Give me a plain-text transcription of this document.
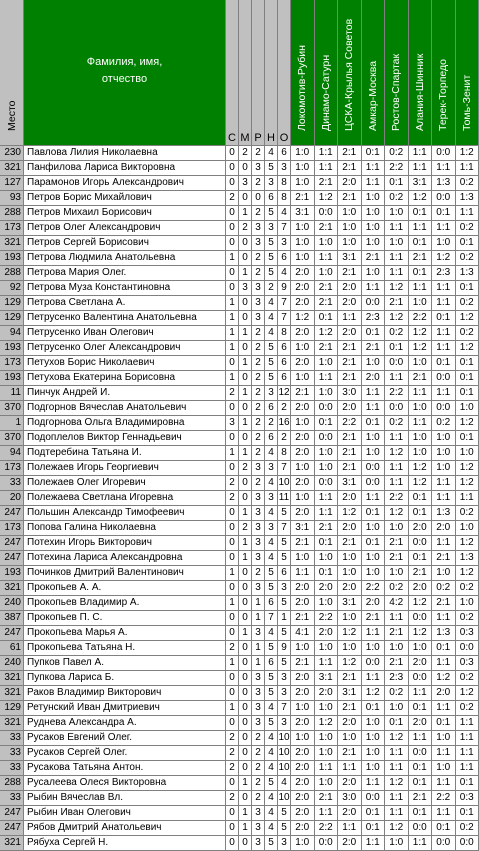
Место
Фамилия, имя,
отчество
С М Р Н О
Локомотив-Рубин Динамо-Сатурн ЦСКА-Крылья Советов Амкар-Москва Ростов-Спартак Алания-Шинник Терек-Торпедо Томь-Зенит
230 Павлова Лилия Николаевна	0 2 2 4 6 1:0 1:1 2:1 0:1 0:2 1:1 0:0 1:2
321 Панфилова Лариса Викторовна	0 0 3 5 3 1:0 1:1 2:1 1:1 2:2 1:1 1:1 1:1
127 Парамонов Игорь Александрович	0 3 2 3 8 1:0 2:1 2:0 1:1 0:1 3:1 1:3 0:2
93 Петров Борис Михайлович	2 0 0 6 8 2:1 1:2 2:1 1:0 0:2 1:2 0:0 1:3
288 Петров Михаил Борисович	0 1 2 5 4 3:1 0:0 1:0 1:0 1:0 0:1 0:1 1:1
173 Петров Олег Александрович	0 2 3 3 7 1:0 2:1 1:0 1:0 1:1 1:1 1:1 0:2
321 Петров Сергей Борисович	0 0 3 5 3 1:0 1:0 1:0 1:0 1:0 0:1 1:0 0:1
193 Петрова Людмила Анатольевна	1 0 2 5 6 1:0 1:1 3:1 2:1 1:1 2:1 1:2 0:2
288 Петрова Мария Олег.	0 1 2 5 4 2:0 1:0 2:1 1:0 1:1 0:1 2:3 1:3
92 Петрова Муза Константиновна	0 3 3 2 9 2:0 2:1 2:0 1:1 1:2 1:1 1:1 0:1
129 Петрова Светлана А.	1 0 3 4 7 2:0 2:1 2:0 0:0 2:1 1:0 1:1 0:2
129 Петрусенко Валентина Анатольевна	1 0 3 4 7 1:2 0:1 1:1 2:3 1:2 2:2 0:1 1:2
94 Петрусенко Иван Олегович	1 1 2 4 8 2:0 1:2 2:0 0:1 0:2 1:2 1:1 0:2
193 Петрусенко Олег Александрович	1 0 2 5 6 1:0 2:1 2:1 2:1 0:1 1:2 1:1 1:2
173 Петухов Борис Николаевич	0 1 2 5 6 2:0 1:0 2:1 1:0 0:0 1:0 0:1 0:1
193 Петухова Екатерина Борисовна	1 0 2 5 6 1:0 1:1 2:1 2:0 1:1 2:1 0:0 0:1
11 Пинчук Андрей И.	2 1 2 3 12 2:1 1:0 3:0 1:1 2:2 1:1 1:1 0:1
370 Подгорнов Вячеслав Анатольевич	0 0 2 6 2 2:0 0:0 2:0 1:1 0:0 1:0 0:0 1:0
1 Подгорнова Ольга Владимировна	3 1 2 2 16 1:0 0:1 2:2 0:1 0:2 1:1 0:2 1:2
370 Подоплелов Виктор Геннадьевич	0 0 2 6 2 2:0 0:0 2:1 1:0 1:1 1:0 1:0 0:1
94 Подтеребина Татьяна И.	1 1 2 4 8 2:0 1:0 2:1 1:0 1:2 1:0 1:0 1:0
173 Полежаев Игорь Георгиевич	0 2 3 3 7 1:0 1:0 2:1 0:0 1:1 1:2 1:0 1:2
33 Полежаев Олег Игоревич	2 0 2 4 10 2:0 0:0 3:1 0:0 1:1 1:2 1:1 1:2
20 Полежаева Светлана Игоревна	2 0 3 3 11 1:0 1:1 2:0 1:1 2:2 0:1 1:1 1:1
247 Польшин Александр Тимофеевич	0 1 3 4 5 2:0 1:1 1:2 0:1 1:2 0:1 1:3 0:2
173 Попова Галина Николаевна	0 2 3 3 7 3:1 2:1 2:0 1:0 1:0 2:0 2:0 1:0
247 Потехин Игорь Викторович	0 1 3 4 5 2:1 0:1 2:1 0:1 2:1 0:0 1:1 1:2
247 Потехина Лариса Александровна	0 1 3 4 5 1:0 1:0 1:0 1:0 2:1 0:1 2:1 1:3
193 Починков Дмитрий Валентинович	1 0 2 5 6 1:1 0:1 1:0 1:0 1:0 2:1 1:0 1:2
321 Прокопьев А. А.	0 0 3 5 3 2:0 2:0 2:0 2:2 0:2 2:0 0:2 0:2
240 Прокопьев Владимир А.	1 0 1 6 5 2:0 1:0 3:1 2:0 4:2 1:2 2:1 1:0
387 Прокопьев П. С.	0 0 1 7 1 2:1 2:2 1:0 2:1 1:1 0:0 1:1 0:2
247 Прокопьева Марья А.	0 1 3 4 5 4:1 2:0 1:2 1:1 2:1 1:2 1:3 0:3
61 Прокопьева Татьяна Н.	2 0 1 5 9 1:0 1:0 1:0 1:0 1:0 1:0 0:1 0:0
240 Пупков Павел А.	1 0 1 6 5 2:1 1:1 1:2 0:0 2:1 2:0 1:1 0:3
321 Пупкова Лариса Б.	0 0 3 5 3 2:0 3:1 2:1 1:1 2:3 0:0 1:2 0:2
321 Раков Владимир Викторович	0 0 3 5 3 2:0 2:0 3:1 1:2 0:2 1:1 2:0 1:2
129 Ретунский Иван Дмитриевич	1 0 3 4 7 1:0 1:0 2:1 0:1 1:0 0:1 1:1 0:2
321 Руднева Александра А.	0 0 3 5 3 2:0 1:2 2:0 1:0 0:1 2:0 0:1 1:1
33 Русаков Евгений Олег.	2 0 2 4 10 1:0 1:0 1:0 1:0 1:2 1:1 1:0 1:1
33 Русаков Сергей Олег.	2 0 2 4 10 2:0 1:0 2:1 1:0 1:1 0:0 1:1 1:1
33 Русакова Татьяна Антон.	2 0 2 4 10 2:0 1:1 1:1 1:0 1:1 0:1 1:0 1:1
288 Русалеева Олеся Викторовна	0 1 2 5 4 2:0 1:0 2:0 1:1 1:2 0:1 1:1 0:1
33 Рыбин Вячеслав Вл.	2 0 2 4 10 2:0 2:1 3:0 0:0 1:1 2:1 2:2 0:3
247 Рыбин Иван Олегович	0 1 3 4 5 2:0 1:1 2:0 0:1 1:1 0:1 1:1 0:1
247 Рябов Дмитрий Анатольевич	0 1 3 4 5 2:0 2:2 1:1 0:1 1:2 0:0 0:1 0:2
321 Рябуха Сергей Н.	0 0 3 5 3 1:0 0:0 2:0 1:1 1:0 1:1 0:0 0:0
